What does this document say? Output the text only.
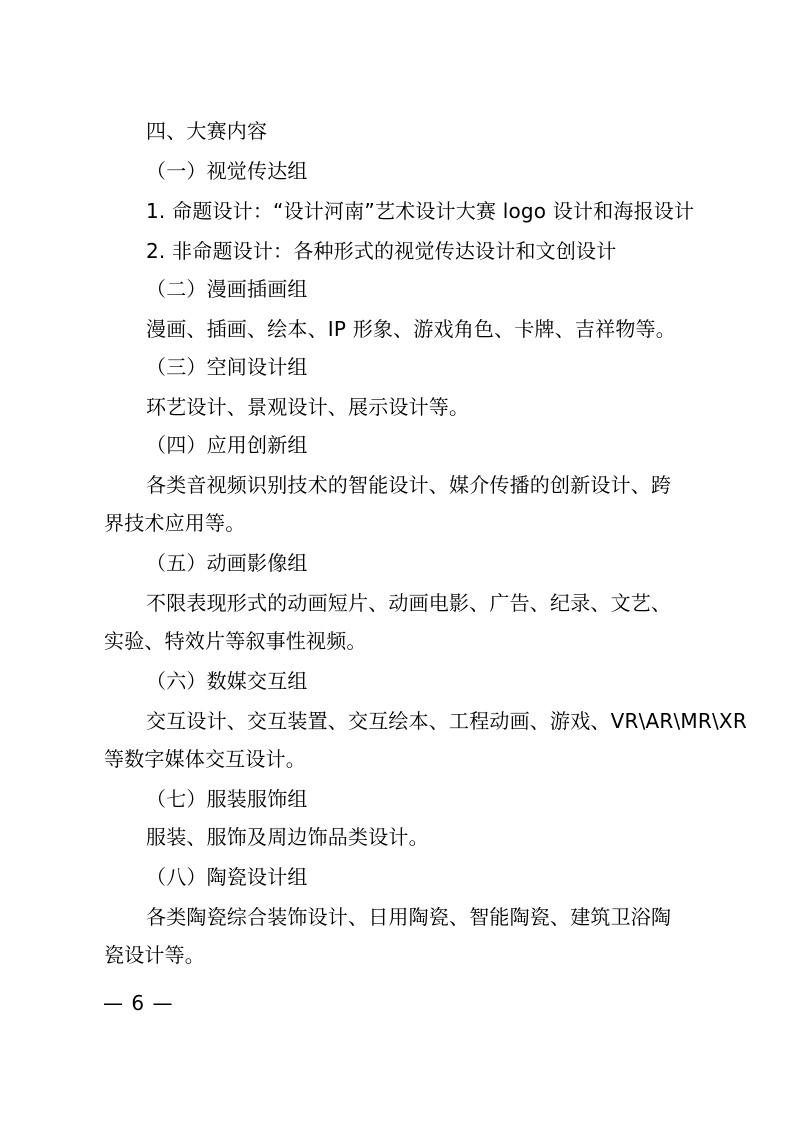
四、大赛内容
（一）视觉传达组
1. 命题设计：“设计河南”艺术设计大赛 logo 设计和海报设计
2. 非命题设计：各种形式的视觉传达设计和文创设计
（二）漫画插画组
漫画、插画、绘本、IP 形象、游戏角色、卡牌、吉祥物等。
（三）空间设计组
环艺设计、景观设计、展示设计等。
（四）应用创新组
各类音视频识别技术的智能设计、媒介传播的创新设计、跨
界技术应用等。
（五）动画影像组
不限表现形式的动画短片、动画电影、广告、纪录、文艺、
实验、特效片等叙事性视频。
（六）数媒交互组
交互设计、交互装置、交互绘本、工程动画、游戏、VR\AR\MR\XR
等数字媒体交互设计。
（七）服装服饰组
服装、服饰及周边饰品类设计。
（八）陶瓷设计组
各类陶瓷综合装饰设计、日用陶瓷、智能陶瓷、建筑卫浴陶
瓷设计等。
— 6 —
